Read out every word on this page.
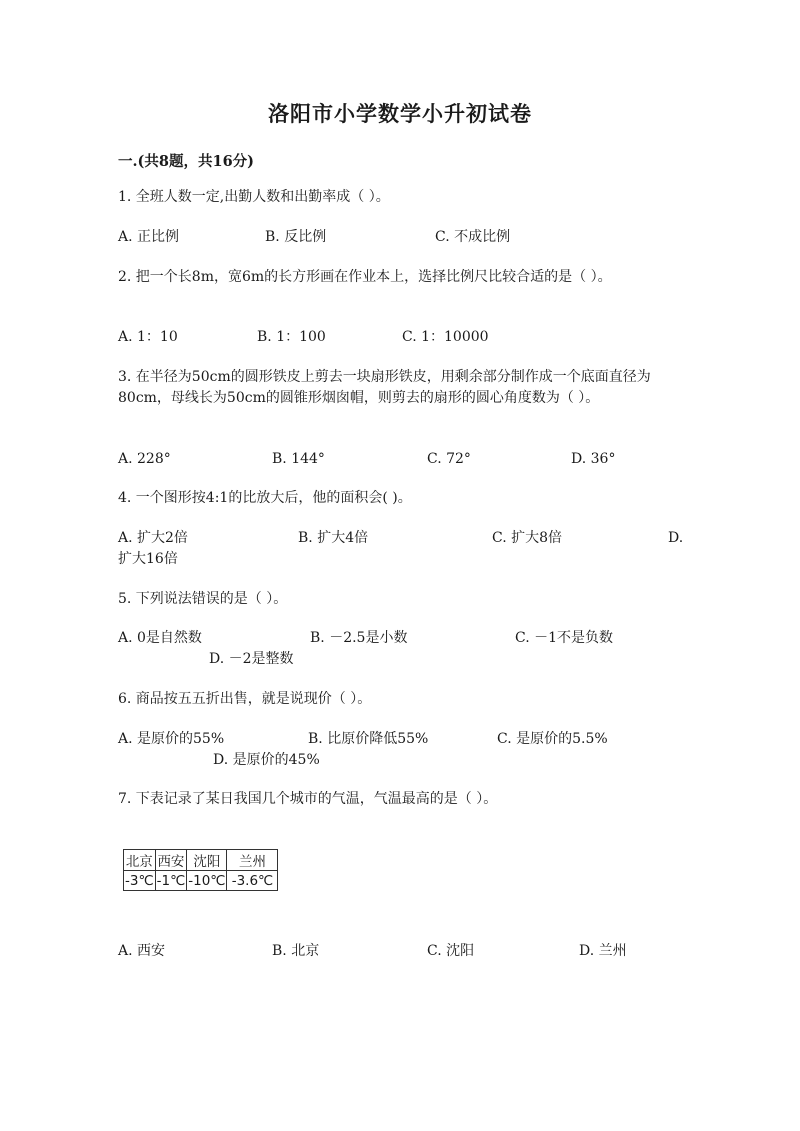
洛阳市小学数学小升初试卷
一.(共8题，共16分)
1. 全班人数一定,出勤人数和出勤率成（ ）。
A. 正比例	B. 反比例	C. 不成比例
2. 把一个长8m，宽6m的长方形画在作业本上，选择比例尺比较合适的是（ ）。
A. 1：10	B. 1：100	C. 1：10000
3. 在半径为50cm的圆形铁皮上剪去一块扇形铁皮，用剩余部分制作成一个底面直径为80cm，母线长为50cm的圆锥形烟囱帽，则剪去的扇形的圆心角度数为（ ）。
A. 228°	B. 144°	C. 72°	D. 36°
4. 一个图形按4:1的比放大后，他的面积会( )。
A. 扩大2倍	B. 扩大4倍	C. 扩大8倍	D.
扩大16倍
5. 下列说法错误的是（ ）。
A. 0是自然数	B. －2.5是小数	C. －1不是负数
D. －2是整数
6. 商品按五五折出售，就是说现价（ ）。
A. 是原价的55%	B. 比原价降低55%	C. 是原价的5.5%
D. 是原价的45%
7. 下表记录了某日我国几个城市的气温，气温最高的是（ ）。
北京	西安	沈阳	兰州
-3℃	-1℃	-10℃	-3.6℃
A. 西安	B. 北京	C. 沈阳	D. 兰州
